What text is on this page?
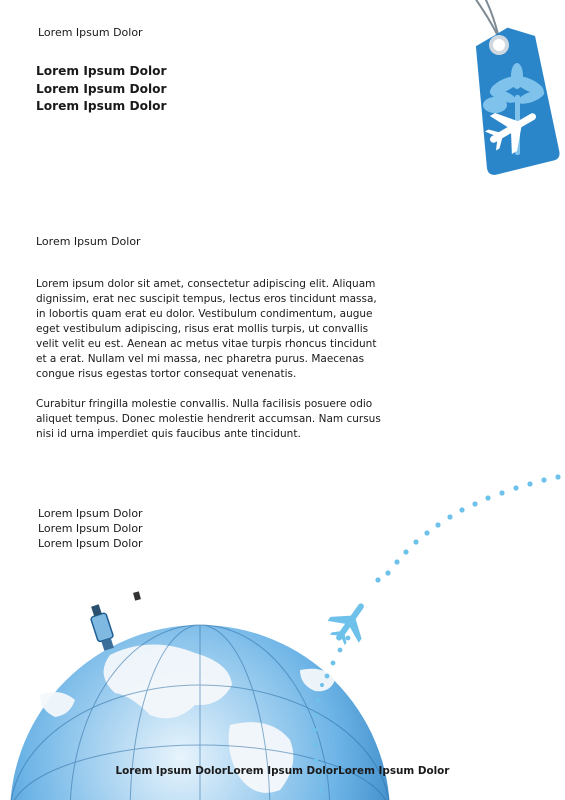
Lorem Ipsum Dolor
Lorem Ipsum Dolor
Lorem Ipsum Dolor
Lorem Ipsum Dolor
Lorem Ipsum Dolor

Lorem ipsum dolor sit amet, consectetur adipiscing elit. Aliquam dignissim, erat nec suscipit tempus, lectus eros tincidunt massa, in lobortis quam erat eu dolor. Vestibulum condimentum, augue eget vestibulum adipiscing, risus erat mollis turpis, ut convallis velit velit eu est. Aenean ac metus vitae turpis rhoncus tincidunt et a erat. Nullam vel mi massa, nec pharetra purus. Maecenas congue risus egestas tortor consequat venenatis.

Curabitur fringilla molestie convallis. Nulla facilisis posuere odio aliquet tempus. Donec molestie hendrerit accumsan. Nam cursus nisi id urna imperdiet quis faucibus ante tincidunt.

Lorem Ipsum Dolor
Lorem Ipsum Dolor
Lorem Ipsum Dolor
Lorem Ipsum DolorLorem Ipsum DolorLorem Ipsum Dolor
